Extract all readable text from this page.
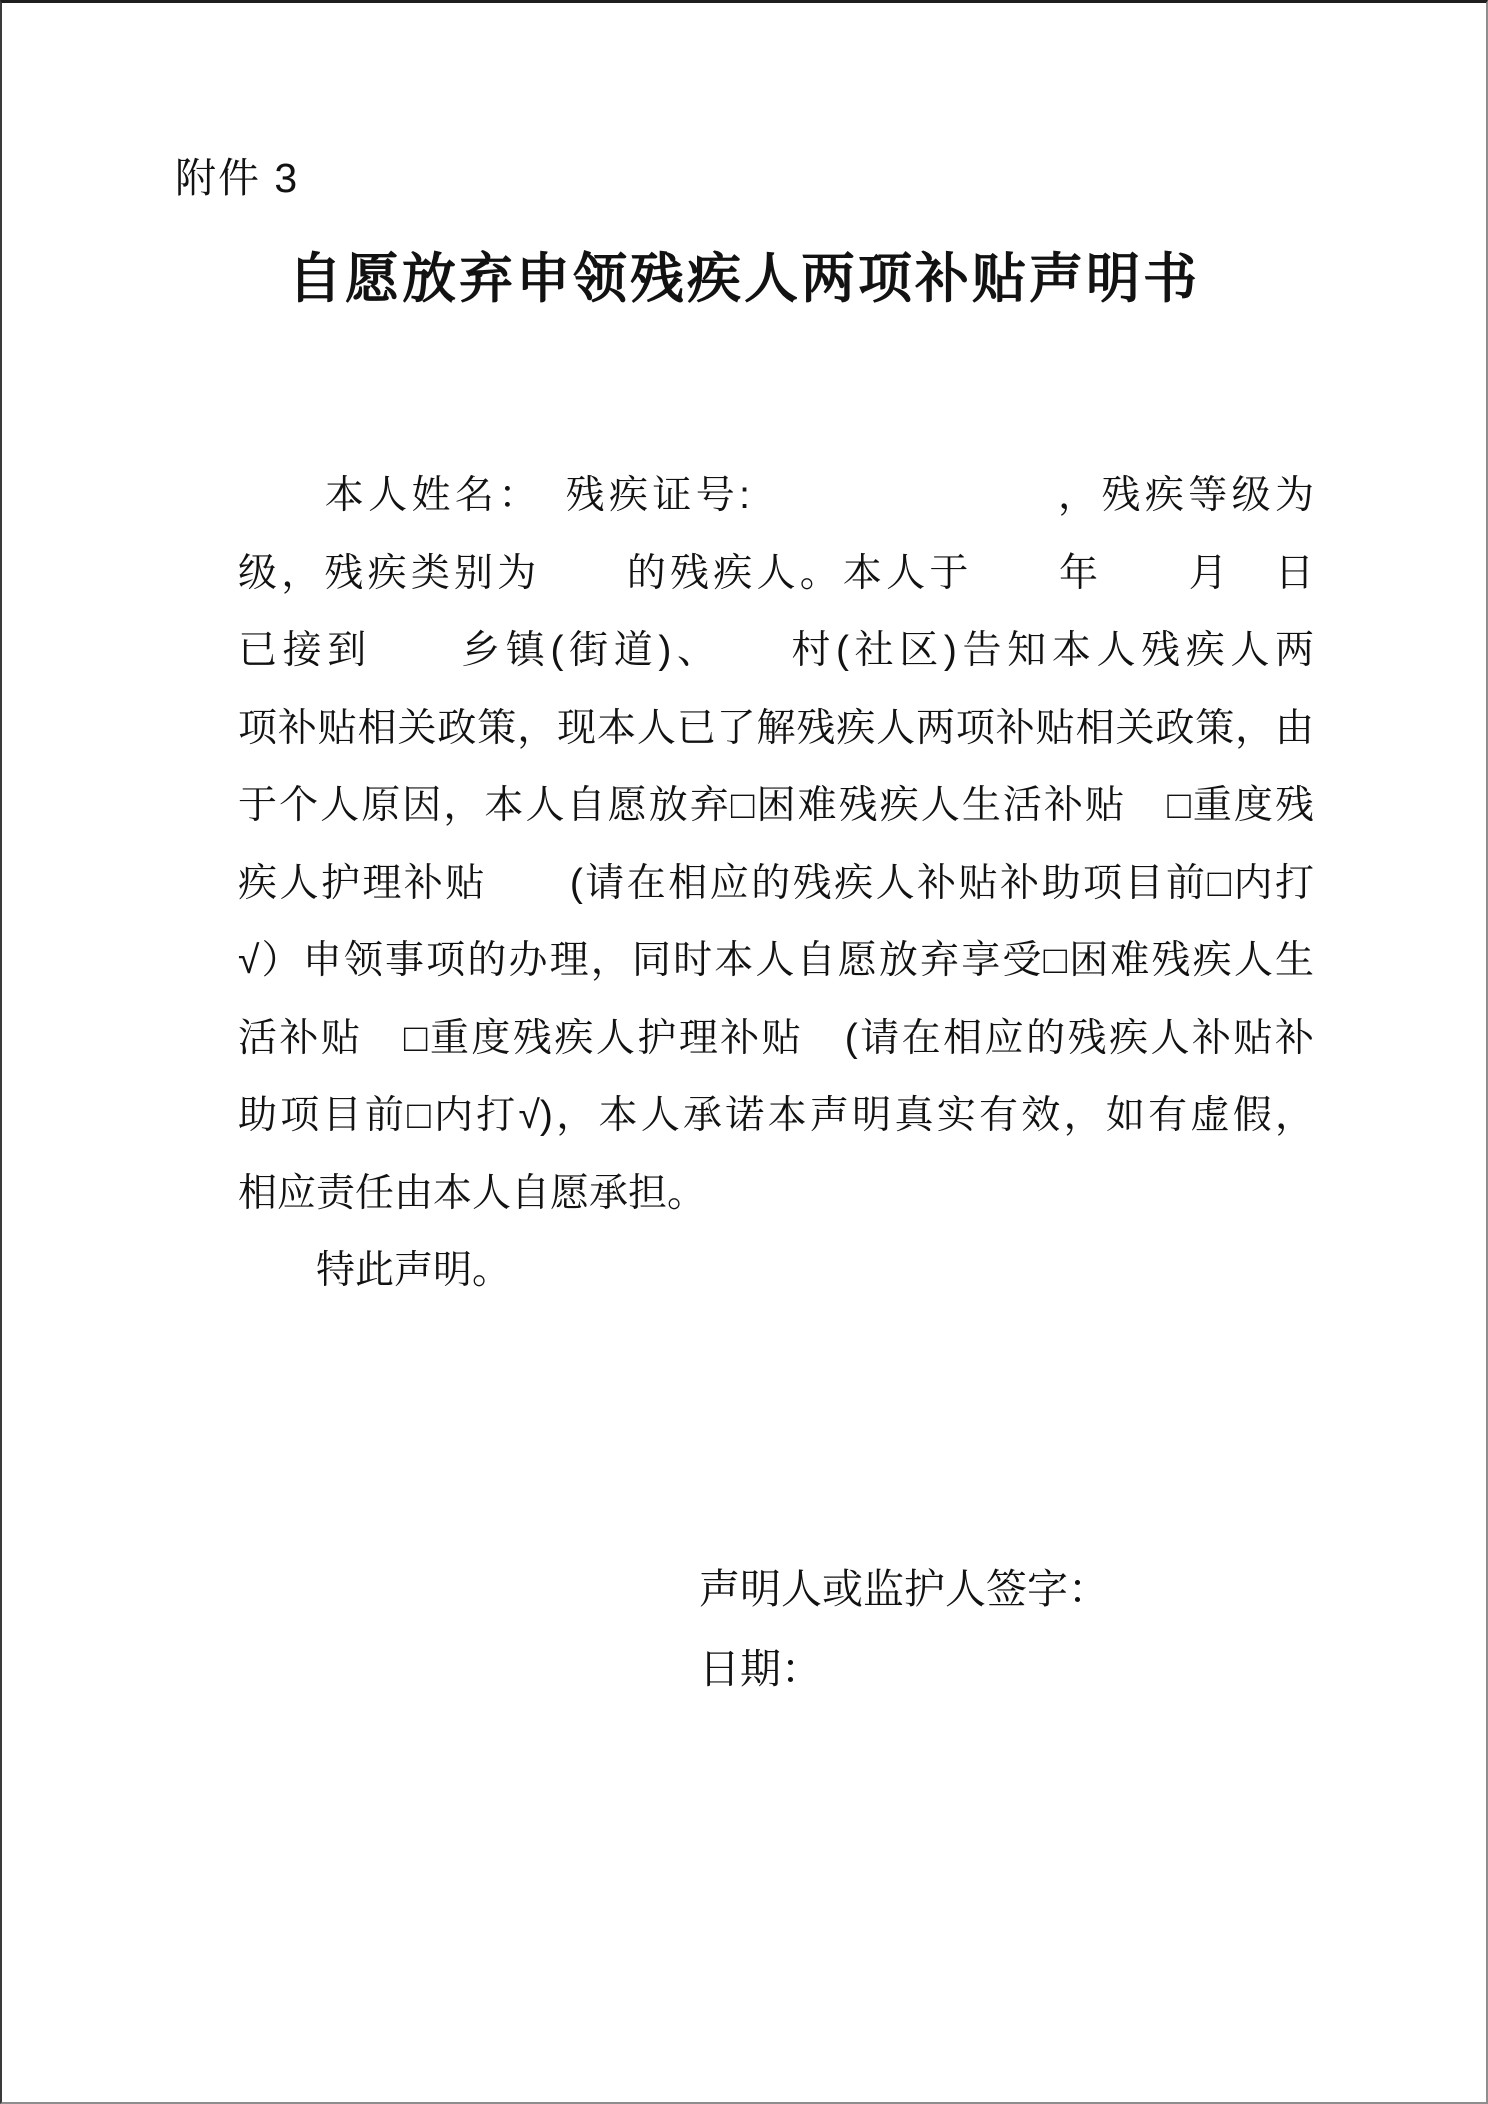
附件 3
自愿放弃申领残疾人两项补贴声明书
　　本人姓名：　残疾证号:　　　　　　　，残疾等级为
级，残疾类别为　　的残疾人。本人于　　年　　月　日
已接到　　乡镇(街道)、　　村(社区)告知本人残疾人两
项补贴相关政策，现本人已了解残疾人两项补贴相关政策，由
于个人原因，本人自愿放弃□困难残疾人生活补贴　□重度残
疾人护理补贴　　(请在相应的残疾人补贴补助项目前□内打
√）申领事项的办理，同时本人自愿放弃享受□困难残疾人生
活补贴　□重度残疾人护理补贴　(请在相应的残疾人补贴补
助项目前□内打√)，本人承诺本声明真实有效，如有虚假，
相应责任由本人自愿承担。
　　特此声明。
声明人或监护人签字：
日期：
